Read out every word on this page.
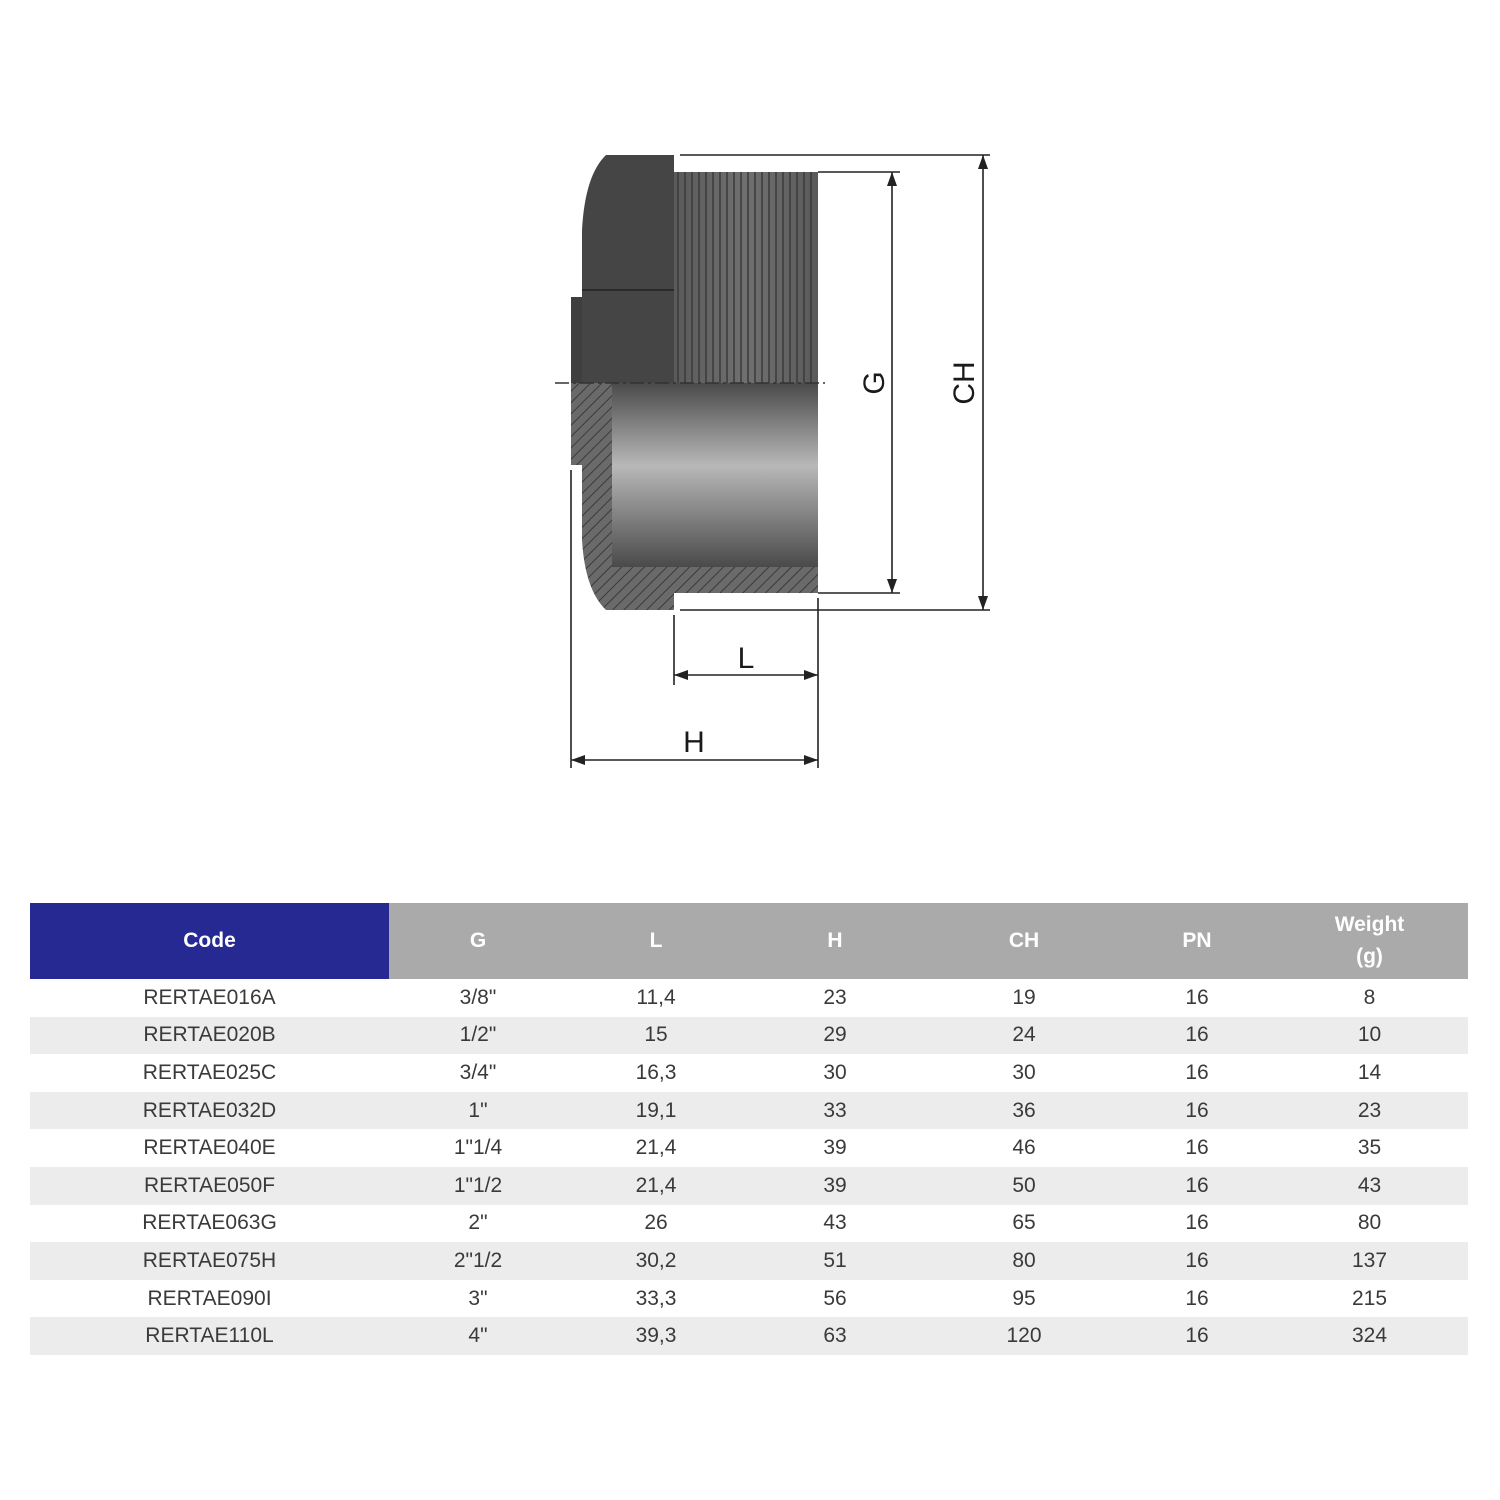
G CH
L
H
Code	G	L	H	CH	PN	Weight
(g)

RERTAE016A	3/8"	11,4	23	19	16	8
RERTAE020B	1/2"	15	29	24	16	10
RERTAE025C	3/4"	16,3	30	30	16	14
RERTAE032D	1"	19,1	33	36	16	23
RERTAE040E	1"1/4	21,4	39	46	16	35
RERTAE050F	1"1/2	21,4	39	50	16	43
RERTAE063G	2"	26	43	65	16	80
RERTAE075H	2"1/2	30,2	51	80	16	137
RERTAE090I	3"	33,3	56	95	16	215
RERTAE110L	4"	39,3	63	120	16	324
